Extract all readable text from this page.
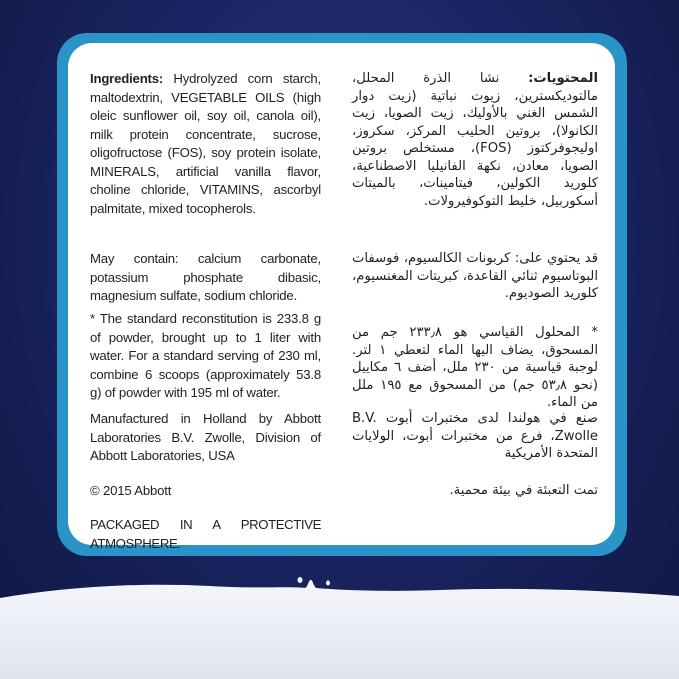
Ingredients: Hydrolyzed corn starch, maltodextrin, VEGETABLE OILS (high oleic sunflower oil, soy oil, canola oil), milk protein concentrate, sucrose, oligofructose (FOS), soy protein isolate, MINERALS, artificial vanilla flavor, choline chloride, VITAMINS, ascorbyl palmitate, mixed tocopherols.

May contain: calcium carbonate, potassium phosphate dibasic, magnesium sulfate, sodium chloride.

* The standard reconstitution is 233.8 g of powder, brought up to 1 liter with water. For a standard serving of 230 ml, combine 6 scoops (approximately 53.8 g) of powder with 195 ml of water.

Manufactured in Holland by Abbott Laboratories B.V. Zwolle, Division of Abbott Laboratories, USA

© 2015 Abbott

PACKAGED IN A PROTECTIVE ATMOSPHERE.

المحتويات: نشا الذرة المحلل، مالتوديكسترين، زيوت نباتية (زيت دوار الشمس الغني بالأوليك، زيت الصويا، زيت الكانولا)، بروتين الحليب المركز، سكروز، اوليجوفركتوز (FOS)، مستخلص بروتين الصويا، معادن، نكهة الفانيليا الاصطناعية، كلوريد الكولين، فيتامينات، بالميتات أسكوربيل، خليط التوكوفيرولات.

قد يحتوي على: كربونات الكالسيوم، فوسفات البوتاسيوم ثنائي القاعدة، كبريتات المغنسيوم، كلوريد الصوديوم.

* المحلول القياسي هو ٢٣٣٫٨ جم من المسحوق، يضاف اليها الماء لتعطي ١ لتر. لوجبة قياسية من ٢٣٠ ملل، أضف ٦ مكاييل (نحو ٥٣٫٨ جم) من المسحوق مع ١٩٥ ملل من الماء.

صنع في هولندا لدى مختبرات أبوت B.V. Zwolle، فرع من مختبرات أبوت، الولايات المتحدة الأمريكية

تمت التعبئة في بيئة محمية.
